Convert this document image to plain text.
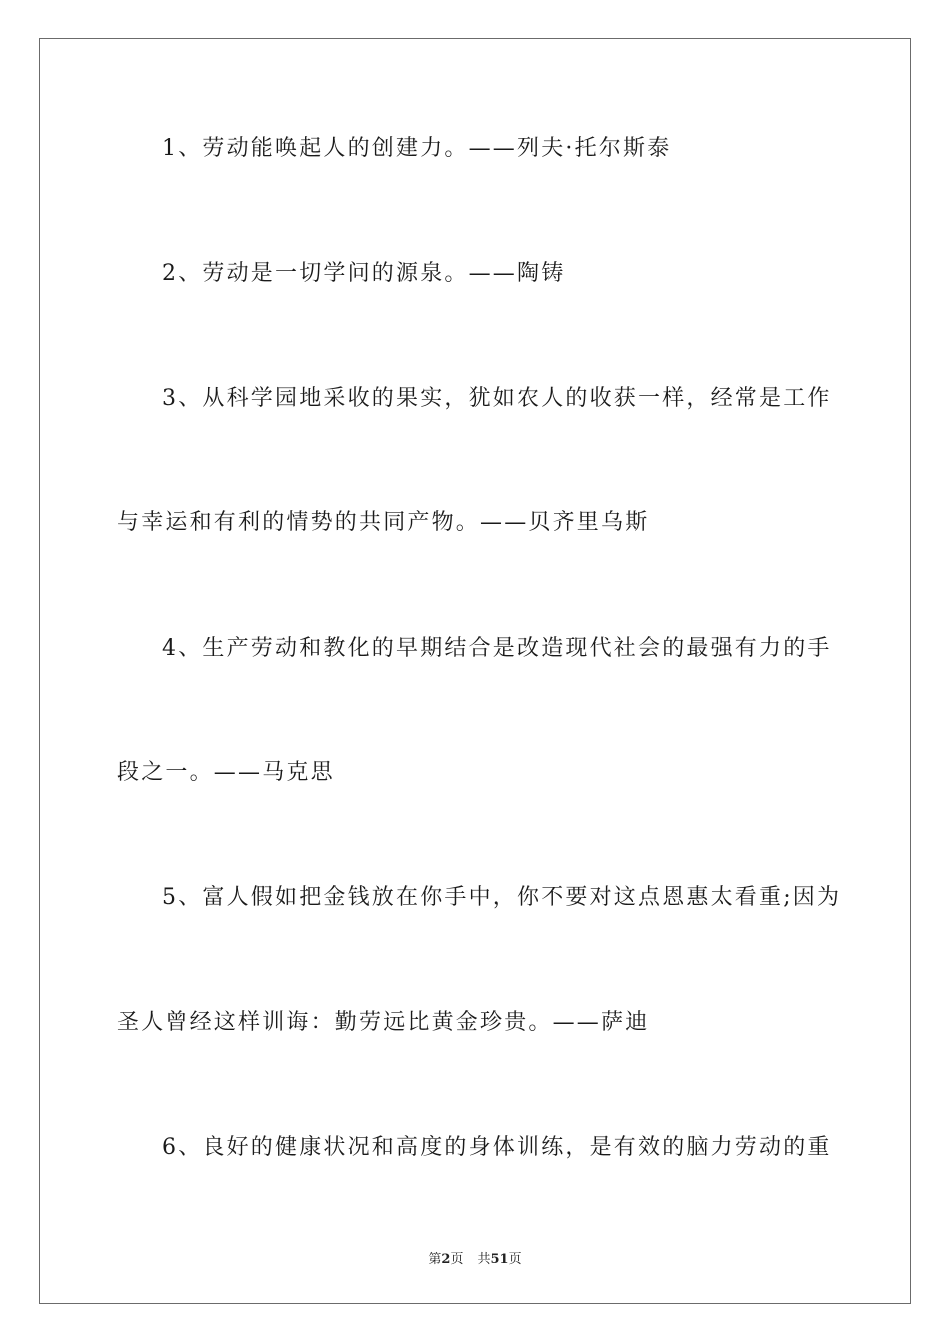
1、劳动能唤起人的创建力。——列夫·托尔斯泰
2、劳动是一切学问的源泉。——陶铸
3、从科学园地采收的果实，犹如农人的收获一样，经常是工作
与幸运和有利的情势的共同产物。——贝齐里乌斯
4、生产劳动和教化的早期结合是改造现代社会的最强有力的手
段之一。——马克思
5、富人假如把金钱放在你手中，你不要对这点恩惠太看重;因为
圣人曾经这样训诲：勤劳远比黄金珍贵。——萨迪
6、良好的健康状况和高度的身体训练，是有效的脑力劳动的重
第2页 共51页
